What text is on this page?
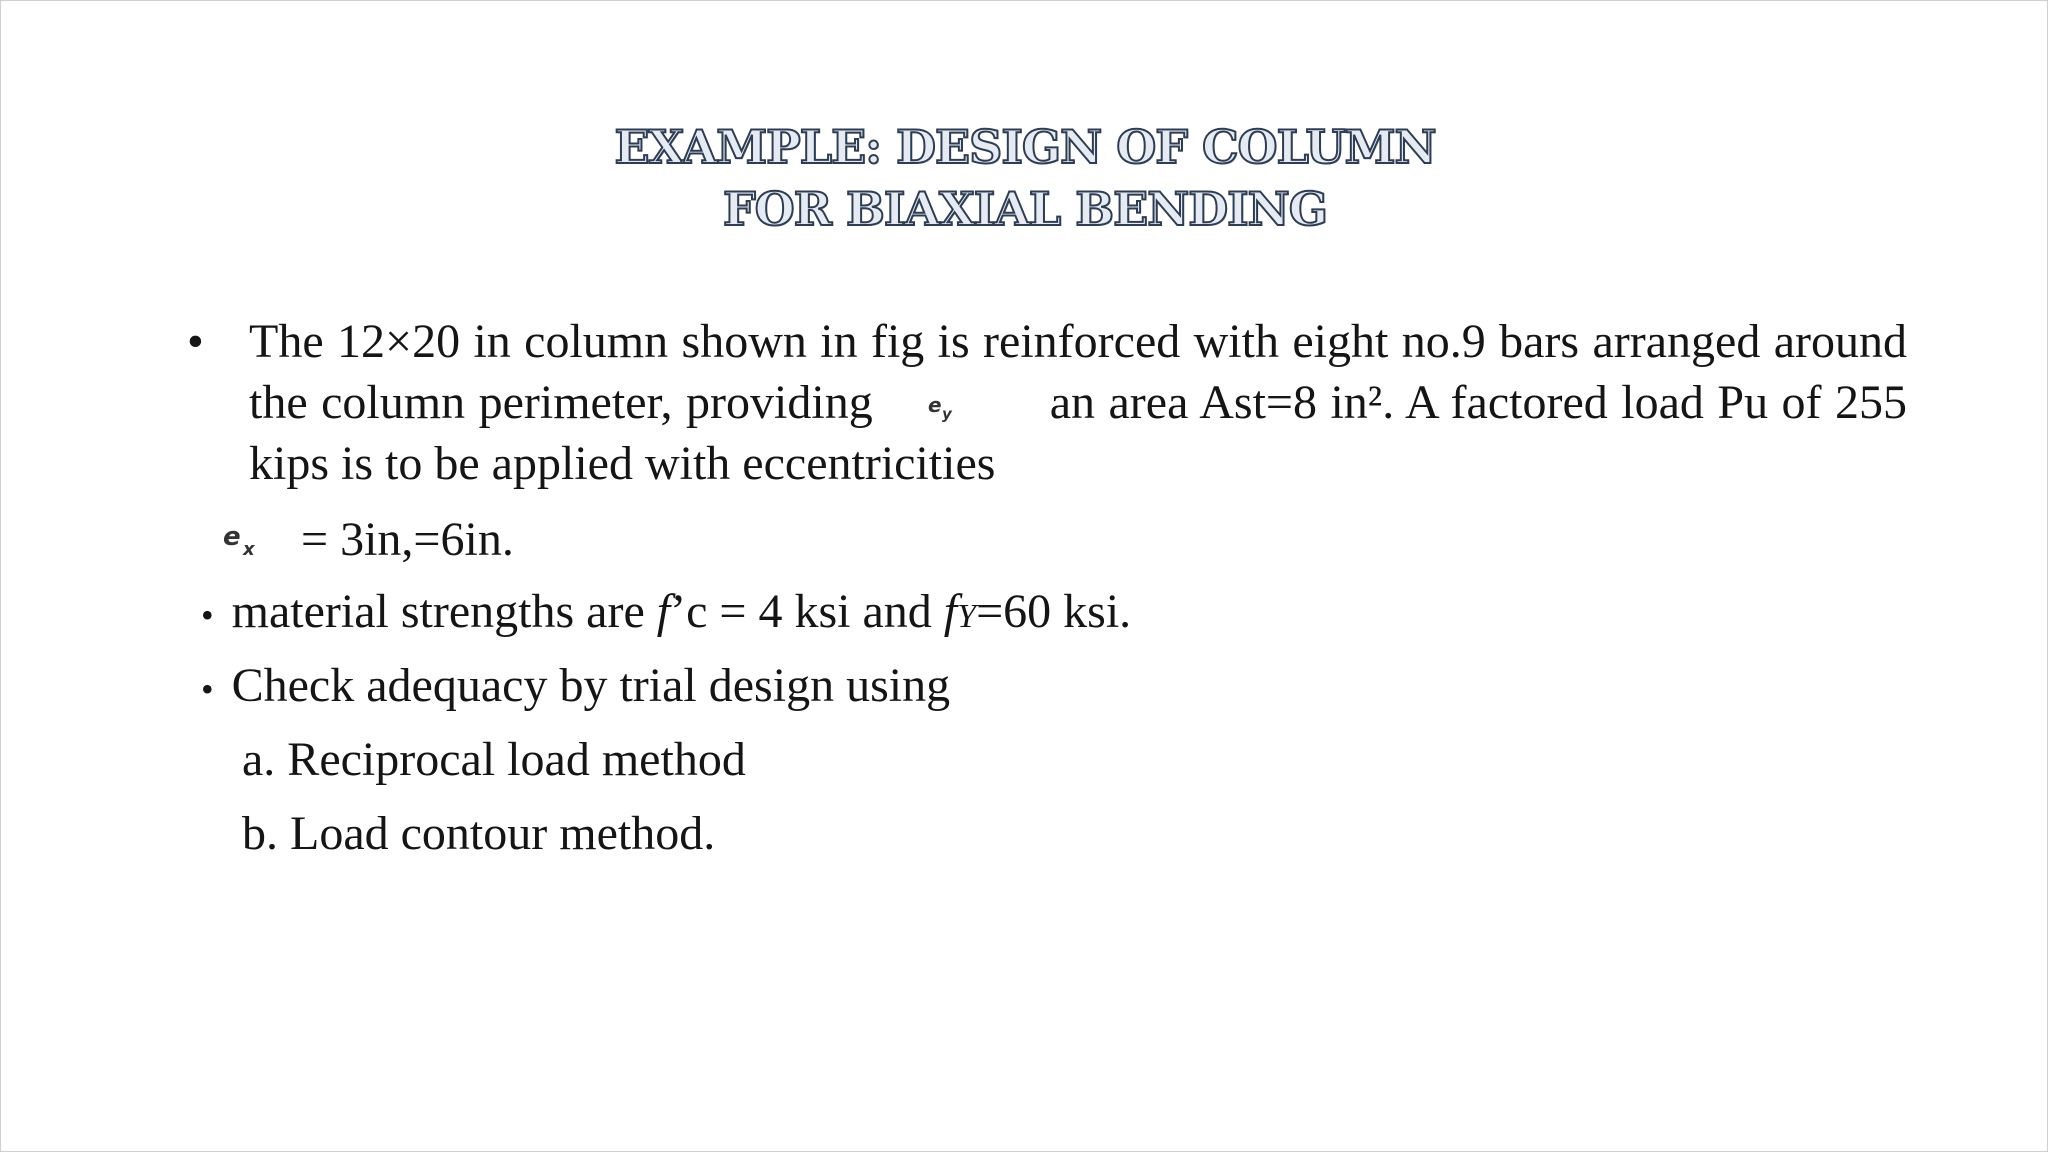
EXAMPLE: DESIGN OF COLUMN
FOR BIAXIAL BENDING
• The 12×20 in column shown in fig is reinforced with eight no.9 bars arranged around the column perimeter, providing	e y an area Ast=8 in². A factored load Pu of 255 kips is to be applied with eccentricities
e x = 3in,=6in.
• material strengths are f’c = 4 ksi and fY=60 ksi.
• Check adequacy by trial design using
a. Reciprocal load method
b. Load contour method.
